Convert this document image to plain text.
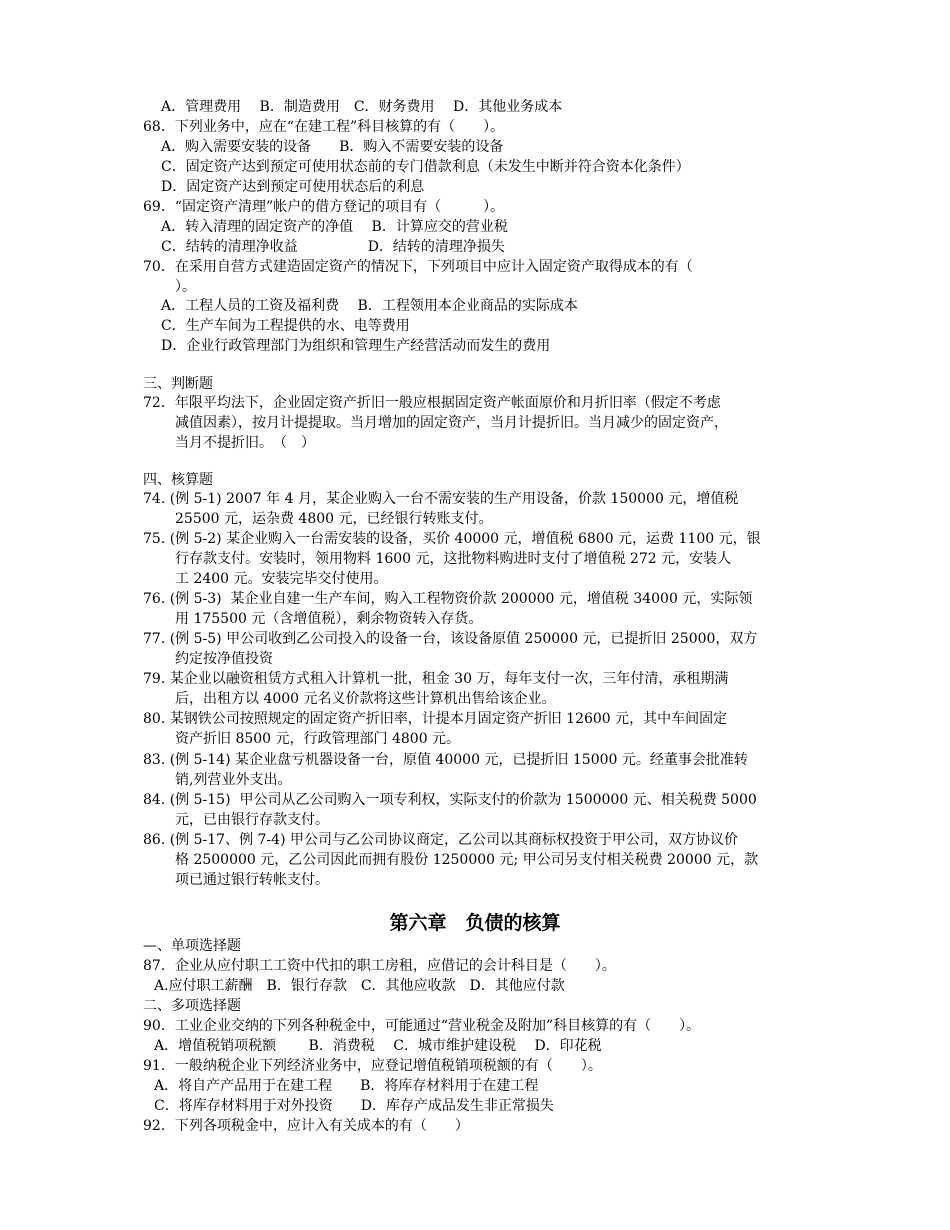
A．管理费用　 B．制造费用　C．财务费用　 D．其他业务成本
68．下列业务中，应在“在建工程”科目核算的有（　　）。
A．购入需要安装的设备　　B．购入不需要安装的设备
C．固定资产达到预定可使用状态前的专门借款利息（未发生中断并符合资本化条件）
D．固定资产达到预定可使用状态后的利息
69．“固定资产清理”帐户的借方登记的项目有（　　　）。
A．转入清理的固定资产的净值　 B．计算应交的营业税
C．结转的清理净收益　　　　　D．结转的清理净损失
70．在采用自营方式建造固定资产的情况下，下列项目中应计入固定资产取得成本的有（
）。
A．工程人员的工资及福利费　 B．工程领用本企业商品的实际成本
C．生产车间为工程提供的水、电等费用
D．企业行政管理部门为组织和管理生产经营活动而发生的费用
三、判断题
72．年限平均法下，企业固定资产折旧一般应根据固定资产帐面原价和月折旧率（假定不考虑
减值因素），按月计提提取。当月增加的固定资产，当月计提折旧。当月减少的固定资产，
当月不提折旧。　（　）
四、核算题
74. (例 5-1) 2007 年 4 月，某企业购入一台不需安装的生产用设备，价款 150000 元，增值税
25500 元，运杂费 4800 元，已经银行转账支付。
75. (例 5-2) 某企业购入一台需安装的设备，买价 40000 元，增值税 6800 元，运费 1100 元，银
行存款支付。安装时，领用物料 1600 元，这批物料购进时支付了增值税 272 元，安装人
工 2400 元。安装完毕交付使用。
76. (例 5-3)  某企业自建一生产车间，购入工程物资价款 200000 元，增值税 34000 元，实际领
用 175500 元（含增值税），剩余物资转入存货。
77. (例 5-5) 甲公司收到乙公司投入的设备一台，该设备原值 250000 元，已提折旧 25000，双方
约定按净值投资
79. 某企业以融资租赁方式租入计算机一批，租金 30 万，每年支付一次，三年付清，承租期满
后，出租方以 4000 元名义价款将这些计算机出售给该企业。
80. 某钢铁公司按照规定的固定资产折旧率，计提本月固定资产折旧 12600 元，其中车间固定
资产折旧 8500 元，行政管理部门 4800 元。
83. (例 5-14) 某企业盘亏机器设备一台，原值 40000 元，已提折旧 15000 元。经董事会批准转
销,列营业外支出。
84. (例 5-15)  甲公司从乙公司购入一项专利权，实际支付的价款为 1500000 元、相关税费 5000
元，已由银行存款支付。
86. (例 5-17、例 7-4) 甲公司与乙公司协议商定，乙公司以其商标权投资于甲公司，双方协议价
格 2500000 元，乙公司因此而拥有股份 1250000 元; 甲公司另支付相关税费 20000 元，款
项已通过银行转帐支付。
第六章　负债的核算
—、单项选择题
87．企业从应付职工工资中代扣的职工房租，应借记的会计科目是（　　）。
A.应付职工薪酬　B．银行存款　C．其他应收款　D．其他应付款
二、多项选择题
90．工业企业交纳的下列各种税金中，可能通过“营业税金及附加”科目核算的有（　　）。
A．增值税销项税额　　 B．消费税　 C．城市维护建设税　 D．印花税
91．一般纳税企业下列经济业务中，应登记增值税销项税额的有（　　）。
A．将自产产品用于在建工程　　B．将库存材料用于在建工程
C．将库存材料用于对外投资　　D．库存产成品发生非正常损失
92．下列各项税金中，应计入有关成本的有（　　）
